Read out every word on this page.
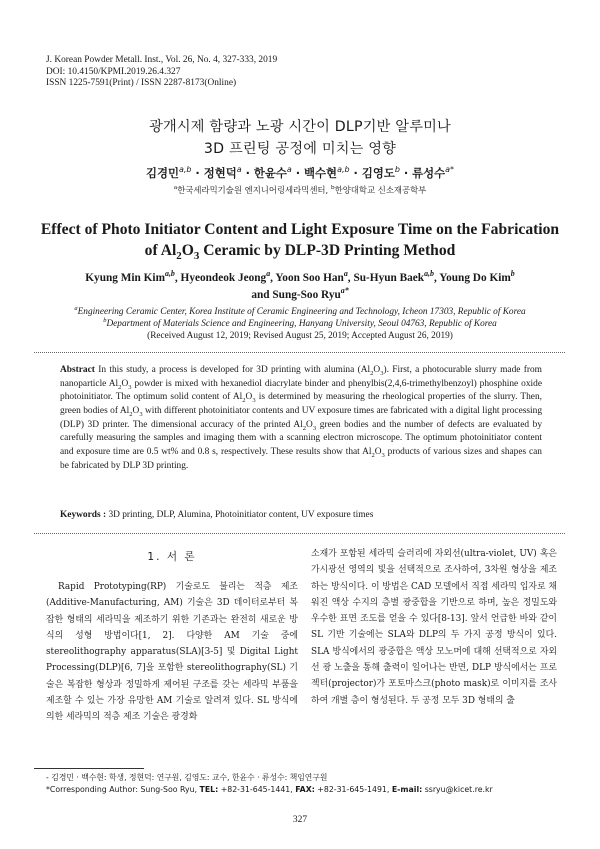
J. Korean Powder Metall. Inst., Vol. 26, No. 4, 327-333, 2019
DOI: 10.4150/KPMI.2019.26.4.327
ISSN 1225-7591(Print) / ISSN 2287-8173(Online)
광개시제 함량과 노광 시간이 DLP기반 알루미나
3D 프린팅 공정에 미치는 영향
김경민$^{a,b}$ · 정현덕$^a$ · 한윤수$^a$ · 백수현$^{a,b}$ · 김영도$^b$ · 류성수$^{a*}$
$^a$한국세라믹기술원 엔지니어링세라믹센터, $^b$한양대학교 신소재공학부
Effect of Photo Initiator Content and Light Exposure Time on the Fabrication
of $Al_2O_3$ Ceramic by DLP-3D Printing Method
Kyung Min Kim$^{a,b}$, Hyeondeok Jeong$^a$, Yoon Soo Han$^a$, Su-Hyun Baek$^{a,b}$, Young Do Kim$^b$
and Sung-Soo Ryu$^{a*}$
$^a$Engineering Ceramic Center, Korea Institute of Ceramic Engineering and Technology, Icheon 17303, Republic of Korea
$^b$Department of Materials Science and Engineering, Hanyang University, Seoul 04763, Republic of Korea
(Received August 12, 2019; Revised August 25, 2019; Accepted August 26, 2019)
Abstract In this study, a process is developed for 3D printing with alumina $(Al_2O_3)$. First, a photocurable slurry made from nanoparticle $Al_2O_3$ powder is mixed with hexanediol diacrylate binder and phenylbis(2,4,6-trimethylbenzoyl) phosphine oxide photoinitiator. The optimum solid content of $Al_2O_3$ is determined by measuring the rheological properties of the slurry. Then, green bodies of $Al_2O_3$ with different photoinitiator contents and UV exposure times are fabricated with a digital light processing (DLP) 3D printer. The dimensional accuracy of the printed $Al_2O_3$ green bodies and the number of defects are evaluated by carefully measuring the samples and imaging them with a scanning electron microscope. The optimum photoinitiator content and exposure time are 0.5 wt% and 0.8 s, respectively. These results show that $Al_2O_3$ products of various sizes and shapes can be fabricated by DLP 3D printing.
Keywords : 3D printing, DLP, Alumina, Photoinitiator content, UV exposure times
1. 서 론
Rapid Prototyping(RP) 기술로도 불리는 적층 제조(Additive-Manufacturing, AM) 기술은 3D 데이터로부터 복잡한 형태의 세라믹을 제조하기 위한 기존과는 완전히 새로운 방식의 성형 방법이다[1, 2]. 다양한 AM 기술 중에 stereolithography apparatus(SLA)[3-5] 및 Digital Light Processing(DLP)[6, 7]을 포함한 stereolithography(SL) 기술은 복잡한 형상과 정밀하게 제어된 구조를 갖는 세라믹 부품을 제조할 수 있는 가장 유망한 AM 기술로 알려져 있다. SL 방식에 의한 세라믹의 적층 제조 기술은 광경화
소재가 포함된 세라믹 슬러리에 자외선(ultra-violet, UV) 혹은 가시광선 영역의 빛을 선택적으로 조사하여, 3차원 형상을 제조하는 방식이다. 이 방법은 CAD 모델에서 직접 세라믹 입자로 채워진 액상 수지의 층별 광중합을 기반으로 하며, 높은 정밀도와 우수한 표면 조도를 얻을 수 있다[8-13]. 앞서 언급한 바와 같이 SL 기반 기술에는 SLA와 DLP의 두 가지 공정 방식이 있다. SLA 방식에서의 광중합은 액상 모노머에 대해 선택적으로 자외선 광 노출을 통해 출력이 일어나는 반면, DLP 방식에서는 프로젝터(projector)가 포토마스크(photo mask)로 이미지를 조사하여 개별 층이 형성된다. 두 공정 모두 3D 형태의 출
- 김경민 · 백수현: 학생, 정현덕: 연구원, 김영도: 교수, 한윤수 · 류성수: 책임연구원
*Corresponding Author: Sung-Soo Ryu, TEL: +82-31-645-1441, FAX: +82-31-645-1491, E-mail: ssryu@kicet.re.kr
327
